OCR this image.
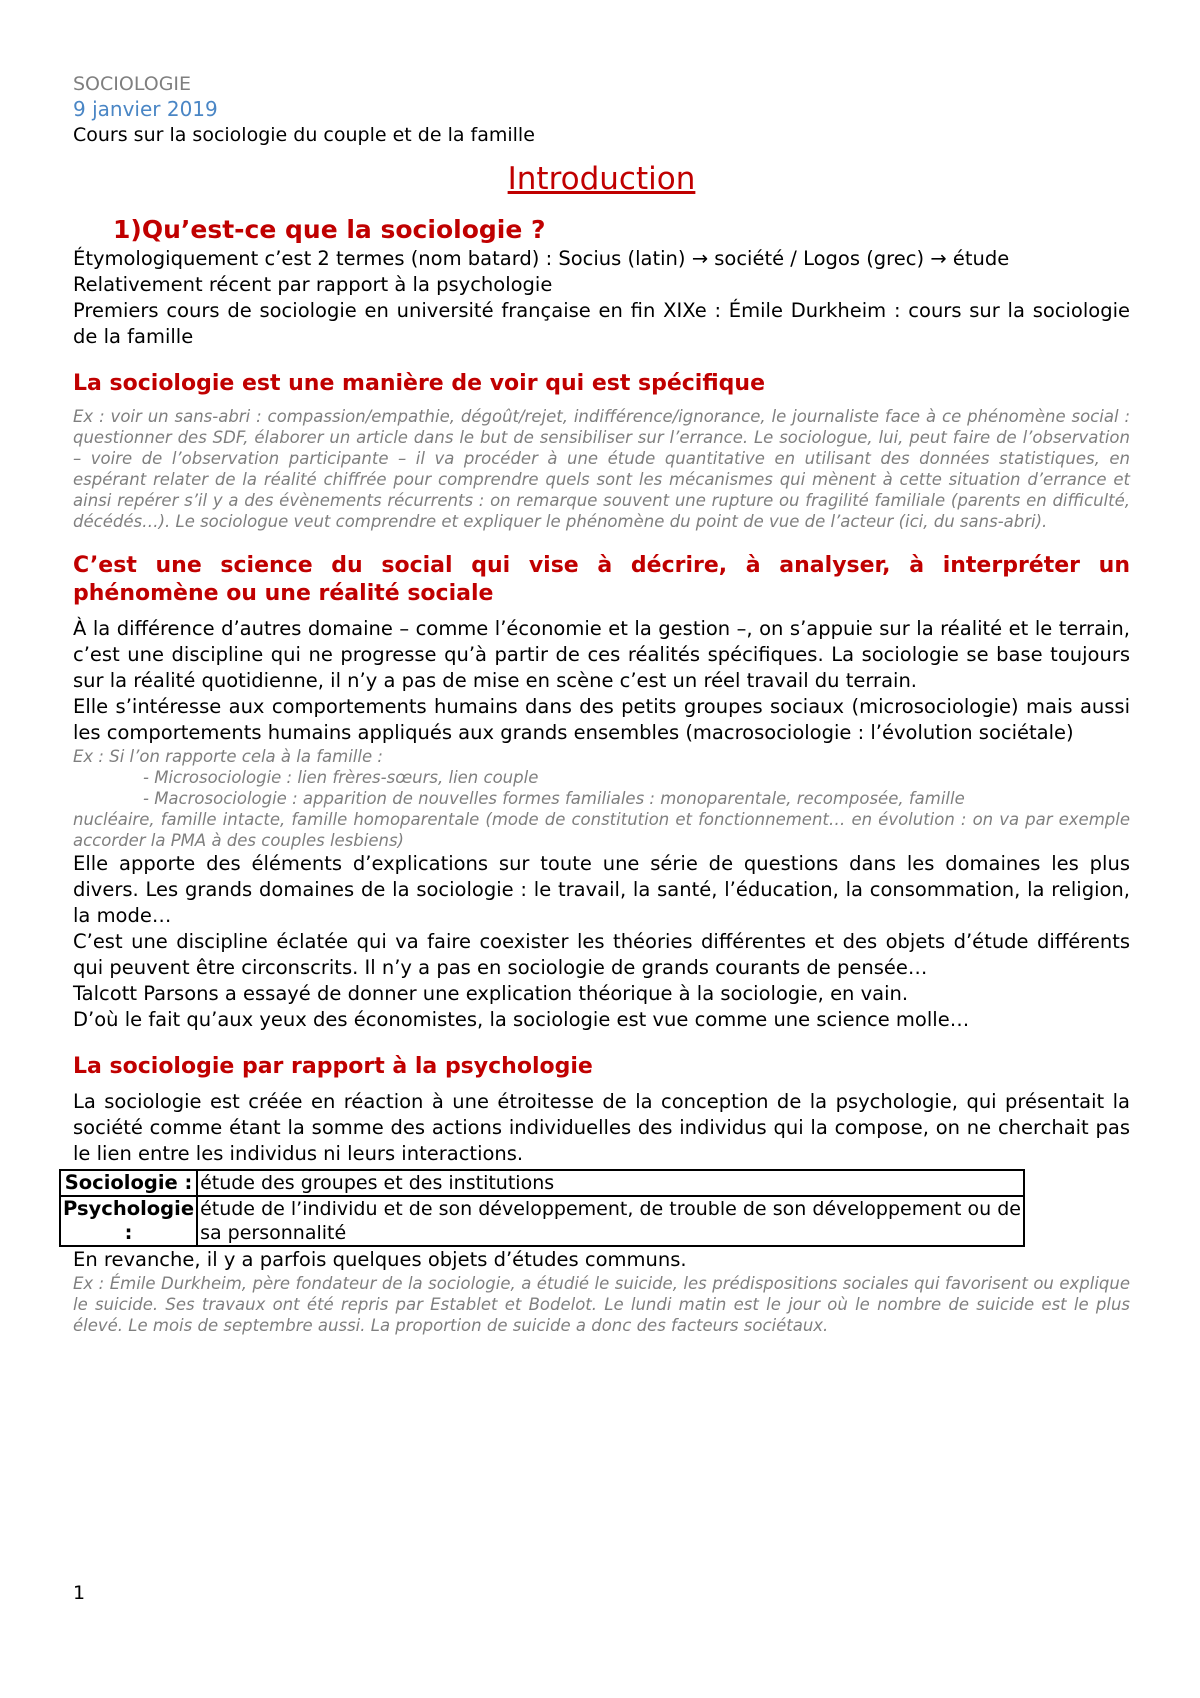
SOCIOLOGIE

9 janvier 2019

Cours sur la sociologie du couple et de la famille

Introduction
1)Qu’est-ce que la sociologie ?

Étymologiquement c’est 2 termes (nom batard) : Socius (latin) → société / Logos (grec) → étude

Relativement récent par rapport à la psychologie

Premiers cours de sociologie en université française en fin XIXe : Émile Durkheim : cours sur la sociologie de la famille

La sociologie est une manière de voir qui est spécifique

Ex : voir un sans-abri : compassion/empathie, dégoût/rejet, indifférence/ignorance, le journaliste face à ce phénomène social : questionner des SDF, élaborer un article dans le but de sensibiliser sur l’errance. Le sociologue, lui, peut faire de l’observation – voire de l’observation participante – il va procéder à une étude quantitative en utilisant des données statistiques, en espérant relater de la réalité chiffrée pour comprendre quels sont les mécanismes qui mènent à cette situation d’errance et ainsi repérer s’il y a des évènements récurrents : on remarque souvent une rupture ou fragilité familiale (parents en difficulté, décédés…). Le sociologue veut comprendre et expliquer le phénomène du point de vue de l’acteur (ici, du sans-abri).

C’est une science du social qui vise à décrire, à analyser, à interpréter un phénomène ou une réalité sociale

À la différence d’autres domaine – comme l’économie et la gestion –, on s’appuie sur la réalité et le terrain, c’est une discipline qui ne progresse qu’à partir de ces réalités spécifiques. La sociologie se base toujours sur la réalité quotidienne, il n’y a pas de mise en scène c’est un réel travail du terrain.

Elle s’intéresse aux comportements humains dans des petits groupes sociaux (microsociologie) mais aussi les comportements humains appliqués aux grands ensembles (macrosociologie : l’évolution sociétale)

Ex : Si l’on rapporte cela à la famille :

- Microsociologie : lien frères-sœurs, lien couple

- Macrosociologie : apparition de nouvelles formes familiales : monoparentale, recomposée, famille

nucléaire, famille intacte, famille homoparentale (mode de constitution et fonctionnement… en évolution : on va par exemple accorder la PMA à des couples lesbiens)

Elle apporte des éléments d’explications sur toute une série de questions dans les domaines les plus divers. Les grands domaines de la sociologie : le travail, la santé, l’éducation, la consommation, la religion, la mode…

C’est une discipline éclatée qui va faire coexister les théories différentes et des objets d’étude différents qui peuvent être circonscrits. Il n’y a pas en sociologie de grands courants de pensée…

Talcott Parsons a essayé de donner une explication théorique à la sociologie, en vain.

D’où le fait qu’aux yeux des économistes, la sociologie est vue comme une science molle…

La sociologie par rapport à la psychologie

La sociologie est créée en réaction à une étroitesse de la conception de la psychologie, qui présentait la société comme étant la somme des actions individuelles des individus qui la compose, on ne cherchait pas le lien entre les individus ni leurs interactions.

Sociologie :	étude des groupes et des institutions
Psychologie :	étude de l’individu et de son développement, de trouble de son développement ou de sa personnalité

En revanche, il y a parfois quelques objets d’études communs.

Ex : Émile Durkheim, père fondateur de la sociologie, a étudié le suicide, les prédispositions sociales qui favorisent ou explique le suicide. Ses travaux ont été repris par Establet et Bodelot. Le lundi matin est le jour où le nombre de suicide est le plus élevé. Le mois de septembre aussi. La proportion de suicide a donc des facteurs sociétaux.

1
